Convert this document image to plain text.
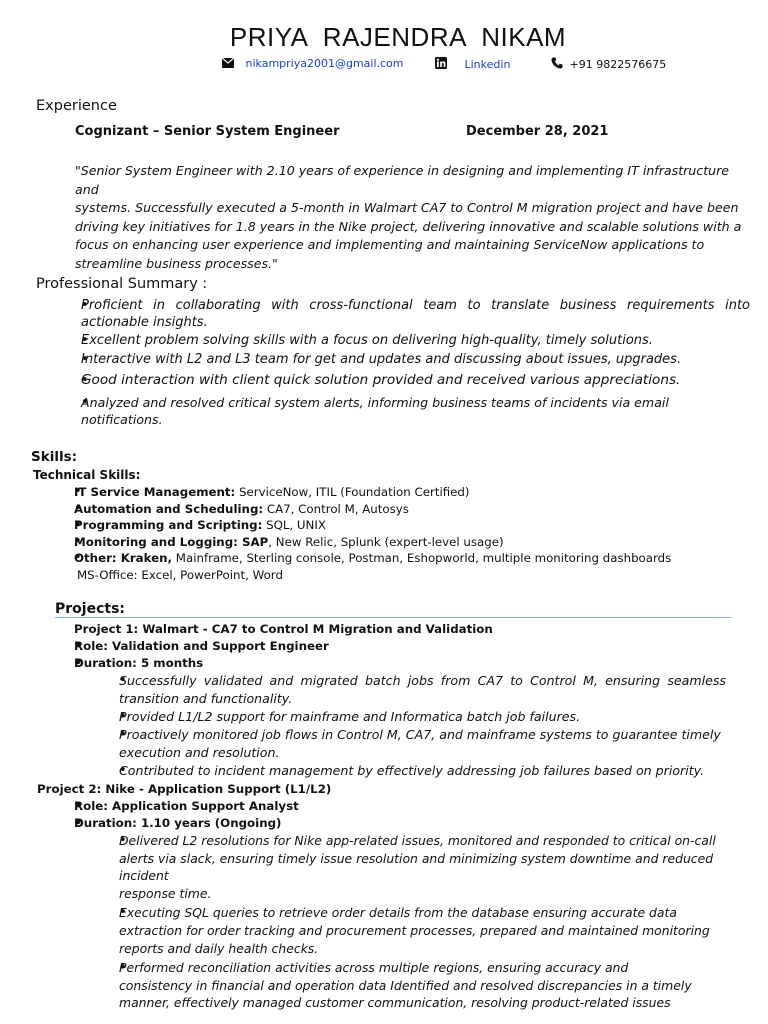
PRIYA RAJENDRA NIKAM
nikampriya2001@gmail.com	Linkedin	+91 9822576675
Experience
Cognizant – Senior System Engineer	December 28, 2021
"Senior System Engineer with 2.10 years of experience in designing and implementing IT infrastructure and
systems. Successfully executed a 5-month in Walmart CA7 to Control M migration project and have been
driving key initiatives for 1.8 years in the Nike project, delivering innovative and scalable solutions with a
focus on enhancing user experience and implementing and maintaining ServiceNow applications to
streamline business processes."
Professional Summary :
• Proficient in collaborating with cross-functional team to translate business requirements into
actionable insights.
• Excellent problem solving skills with a focus on delivering high-quality, timely solutions.
• Interactive with L2 and L3 team for get and updates and discussing about issues, upgrades.
• Good interaction with client quick solution provided and received various appreciations.
• Analyzed and resolved critical system alerts, informing business teams of incidents via email
notifications.
Skills:
Technical Skills:
• IT Service Management: ServiceNow, ITIL (Foundation Certified)
• Automation and Scheduling: CA7, Control M, Autosys
• Programming and Scripting: SQL, UNIX
• Monitoring and Logging: SAP, New Relic, Splunk (expert-level usage)
• Other: Kraken, Mainframe, Sterling console, Postman, Eshopworld, multiple monitoring dashboards
MS-Office: Excel, PowerPoint, Word
Projects:
Project 1: Walmart - CA7 to Control M Migration and Validation
• Role: Validation and Support Engineer
• Duration: 5 months
• Successfully validated and migrated batch jobs from CA7 to Control M, ensuring seamless
transition and functionality.
• Provided L1/L2 support for mainframe and Informatica batch job failures.
• Proactively monitored job flows in Control M, CA7, and mainframe systems to guarantee timely
execution and resolution.
• Contributed to incident management by effectively addressing job failures based on priority.
Project 2: Nike - Application Support (L1/L2)
• Role: Application Support Analyst
• Duration: 1.10 years (Ongoing)
• Delivered L2 resolutions for Nike app-related issues, monitored and responded to critical on-call
alerts via slack, ensuring timely issue resolution and minimizing system downtime and reduced incident
response time.
• Executing SQL queries to retrieve order details from the database ensuring accurate data
extraction for order tracking and procurement processes, prepared and maintained monitoring
reports and daily health checks.
• Performed reconciliation activities across multiple regions, ensuring accuracy and
consistency in financial and operation data Identified and resolved discrepancies in a timely
manner, effectively managed customer communication, resolving product-related issues
